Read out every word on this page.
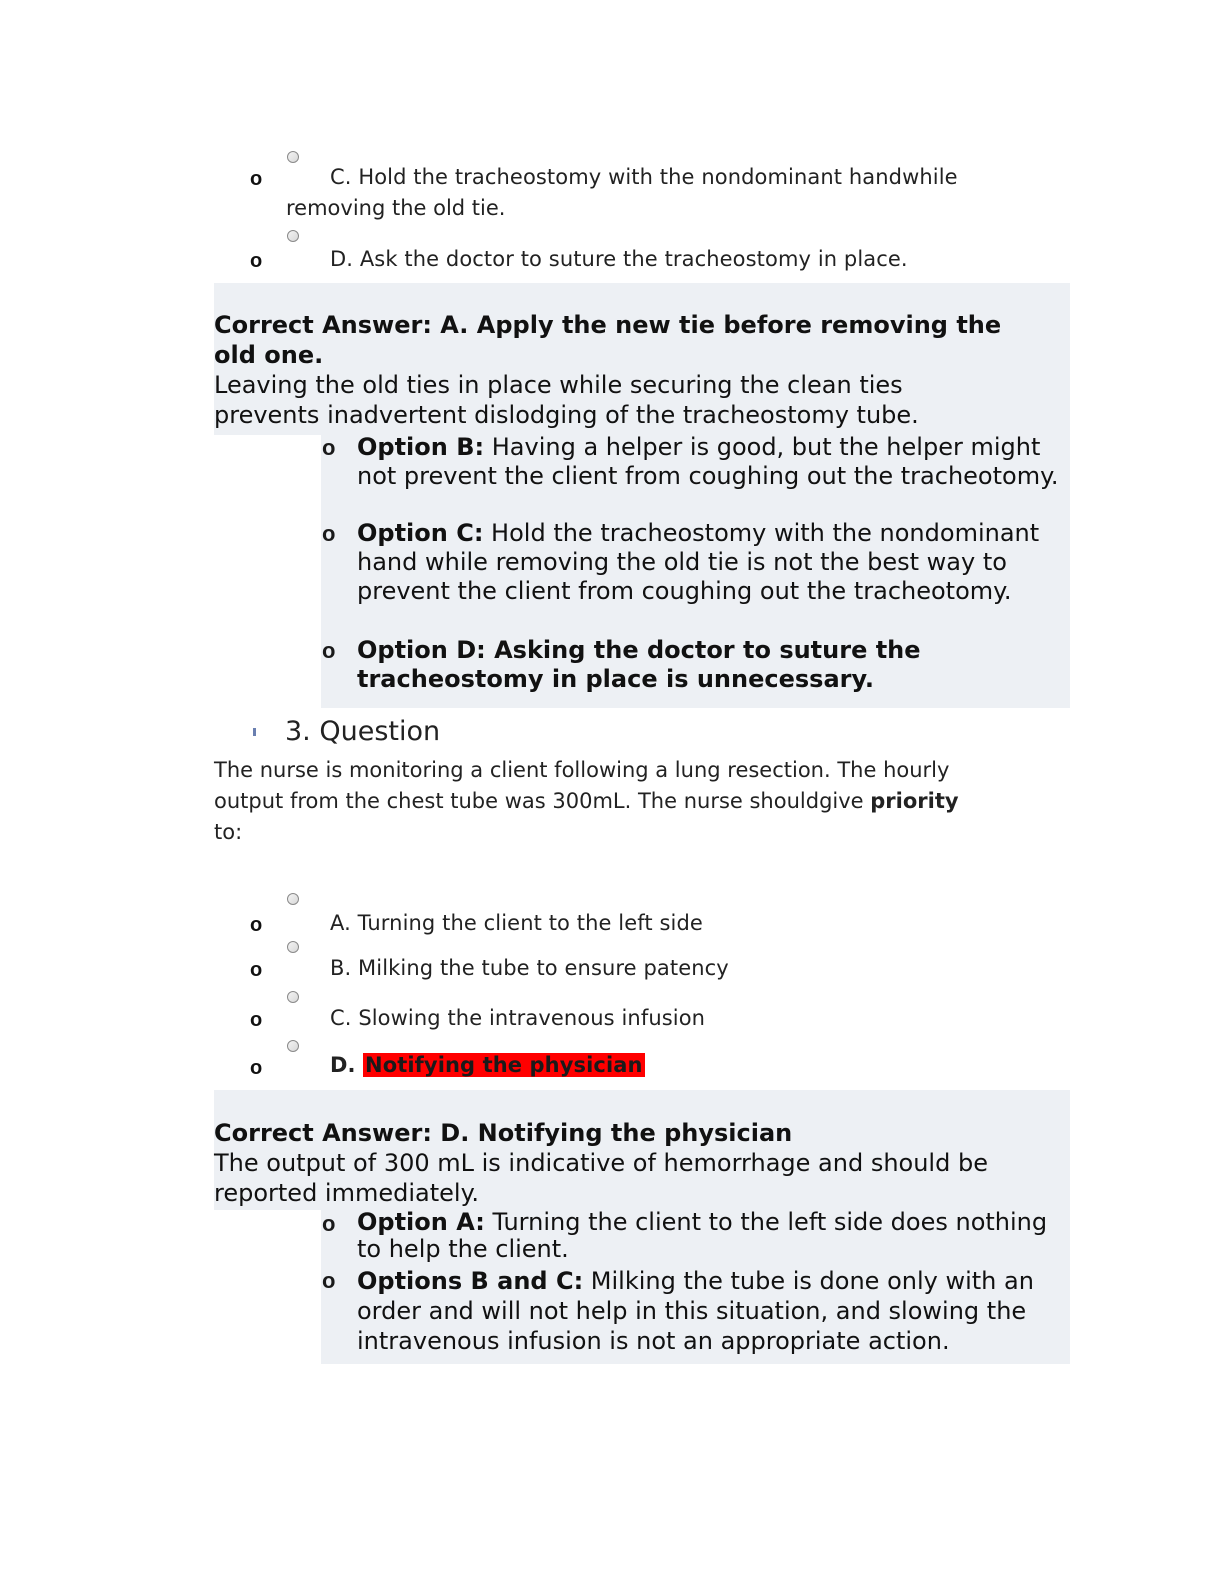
o	C. Hold the tracheostomy with the nondominant handwhile
removing the old tie.
o	D. Ask the doctor to suture the tracheostomy in place.
Correct Answer: A. Apply the new tie before removing the
old one.
Leaving the old ties in place while securing the clean ties
prevents inadvertent dislodging of the tracheostomy tube.
o Option B: Having a helper is good, but the helper might not prevent the client from coughing out the tracheotomy.
o Option C: Hold the tracheostomy with the nondominant hand while removing the old tie is not the best way to prevent the client from coughing out the tracheotomy.
o Option D: Asking the doctor to suture the tracheostomy in place is unnecessary.
3. Question
The nurse is monitoring a client following a lung resection. The hourly
output from the chest tube was 300mL. The nurse shouldgive priority
to:
o	A. Turning the client to the left side
o	B. Milking the tube to ensure patency
o	C. Slowing the intravenous infusion
o	D. Notifying the physician
Correct Answer: D. Notifying the physician
The output of 300 mL is indicative of hemorrhage and should be
reported immediately.
o Option A: Turning the client to the left side does nothing to help the client.
o Options B and C: Milking the tube is done only with an order and will not help in this situation, and slowing the intravenous infusion is not an appropriate action.
